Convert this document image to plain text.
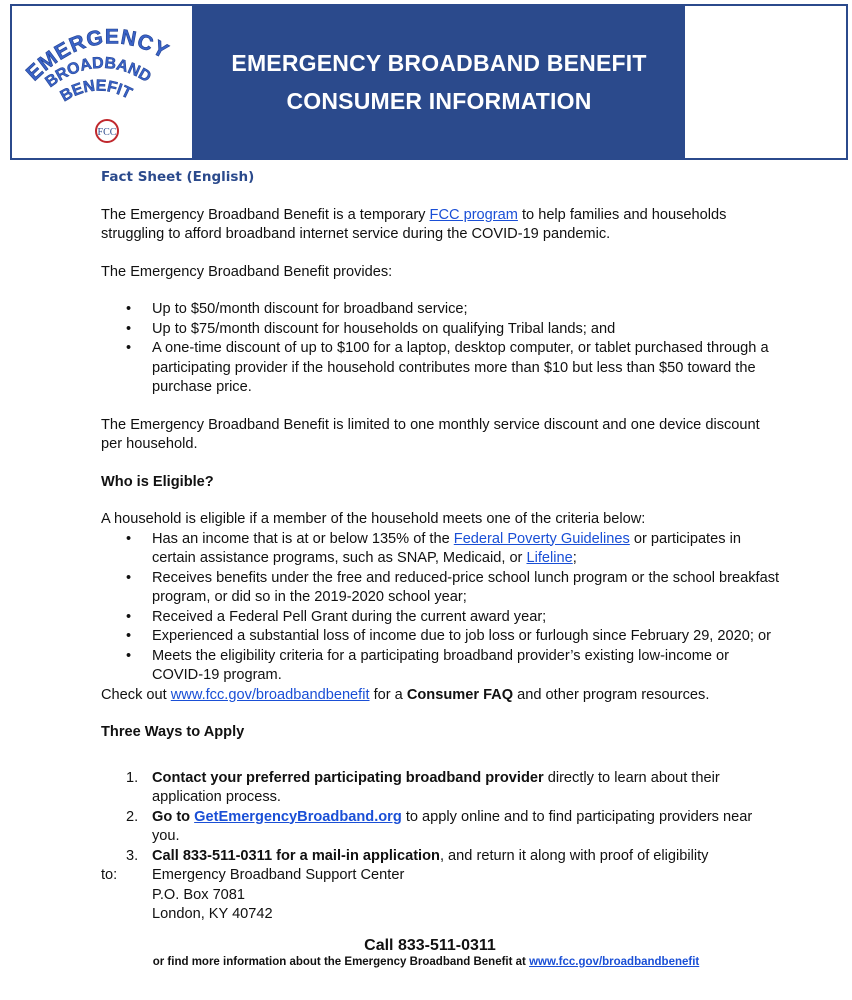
EMERGENCY
BROADBAND
BENEFIT
FCC
EMERGENCY BROADBAND BENEFIT
CONSUMER INFORMATION

Fact Sheet (English)

The Emergency Broadband Benefit is a temporary FCC program to help families and households struggling to afford broadband internet service during the COVID-19 pandemic.

The Emergency Broadband Benefit provides:

• Up to $50/month discount for broadband service;
• Up to $75/month discount for households on qualifying Tribal lands; and
• A one-time discount of up to $100 for a laptop, desktop computer, or tablet purchased through a participating provider if the household contributes more than $10 but less than $50 toward the purchase price.

The Emergency Broadband Benefit is limited to one monthly service discount and one device discount per household.

Who is Eligible?

A household is eligible if a member of the household meets one of the criteria below:

• Has an income that is at or below 135% of the Federal Poverty Guidelines or participates in certain assistance programs, such as SNAP, Medicaid, or Lifeline;
• Receives benefits under the free and reduced-price school lunch program or the school breakfast program, or did so in the 2019-2020 school year;
• Received a Federal Pell Grant during the current award year;
• Experienced a substantial loss of income due to job loss or furlough since February 29, 2020; or
• Meets the eligibility criteria for a participating broadband provider’s existing low-income or COVID-19 program.

Check out www.fcc.gov/broadbandbenefit for a Consumer FAQ and other program resources.

Three Ways to Apply
1. Contact your preferred participating broadband provider directly to learn about their application process.
2. Go to GetEmergencyBroadband.org to apply online and to find participating providers near you.
3. Call 833-511-0311 for a mail-in application, and return it along with proof of eligibility
to:	Emergency Broadband Support Center
P.O. Box 7081
London, KY 40742
Call 833-511-0311
or find more information about the Emergency Broadband Benefit at www.fcc.gov/broadbandbenefit
